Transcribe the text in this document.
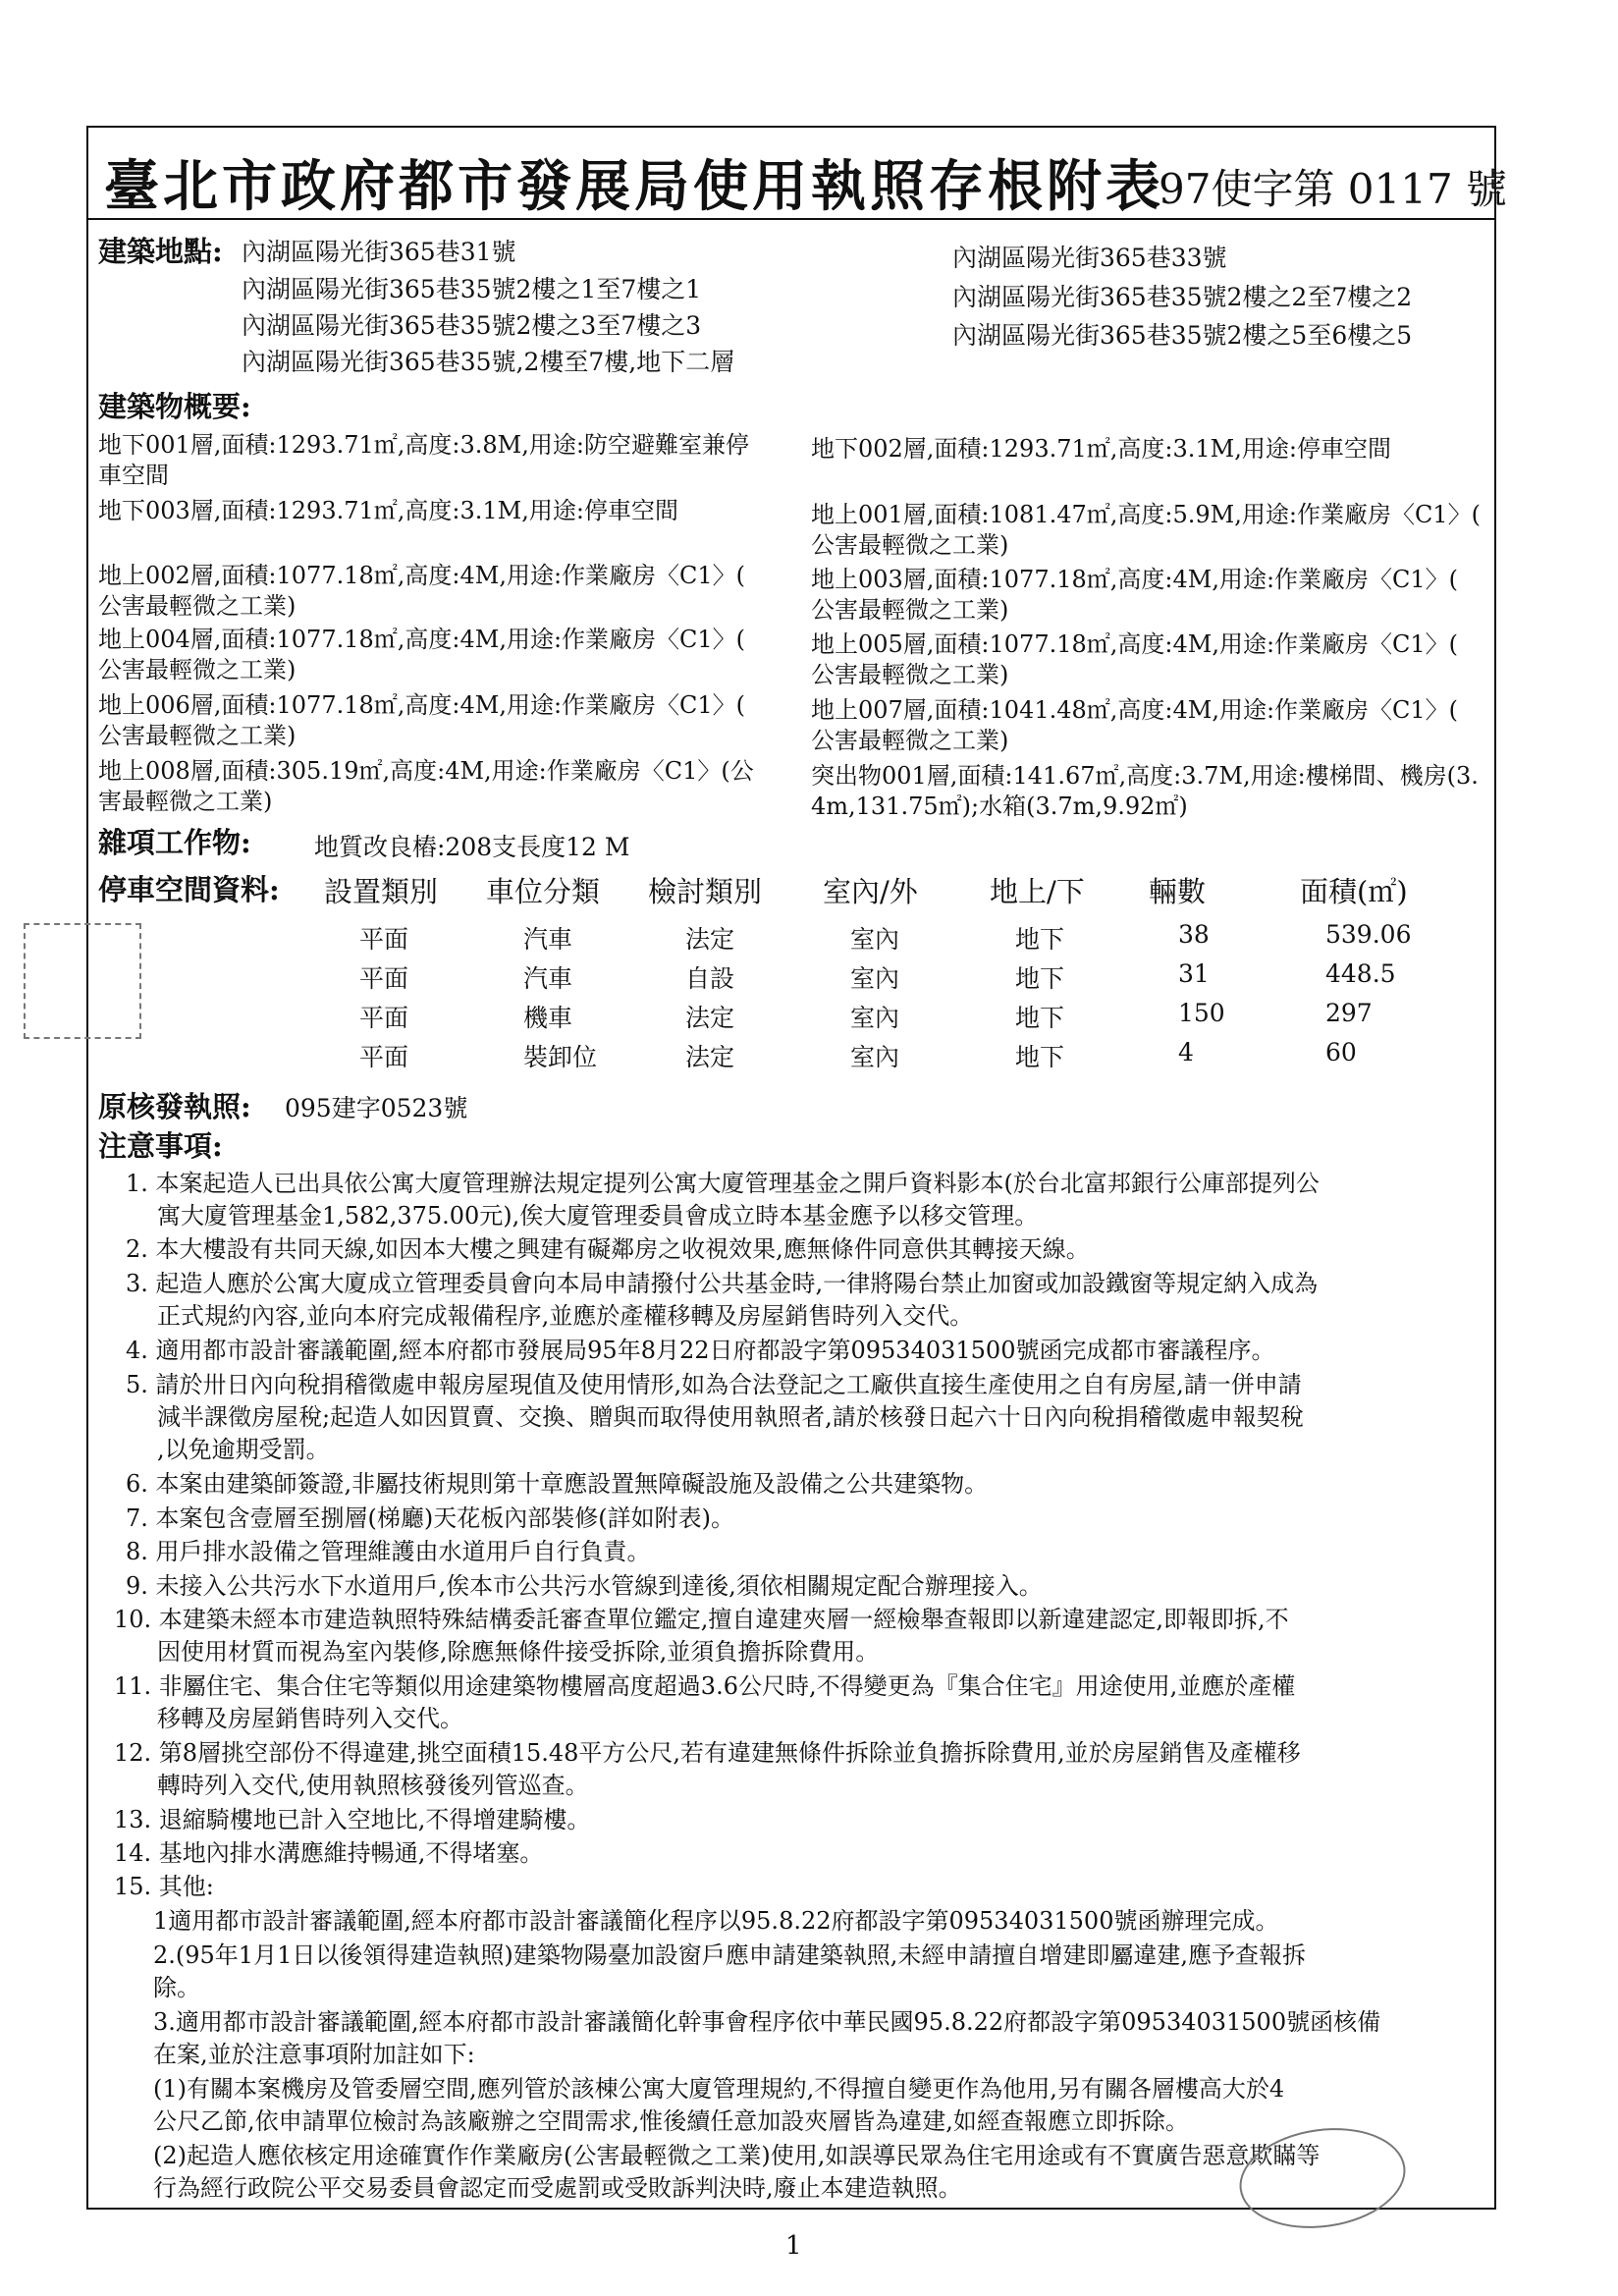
臺北市政府都市發展局使用執照存根附表
97使字第 0117 號
建築地點: 內湖區陽光街365巷31號
內湖區陽光街365巷35號2樓之1至7樓之1
內湖區陽光街365巷35號2樓之3至7樓之3
內湖區陽光街365巷35號,2樓至7樓,地下二層
內湖區陽光街365巷33號
內湖區陽光街365巷35號2樓之2至7樓之2
內湖區陽光街365巷35號2樓之5至6樓之5
建築物概要:
地下001層,面積:1293.71㎡,高度:3.8M,用途:防空避難室兼停
車空間
地下003層,面積:1293.71㎡,高度:3.1M,用途:停車空間
地上002層,面積:1077.18㎡,高度:4M,用途:作業廠房〈C1〉(
公害最輕微之工業)
地上004層,面積:1077.18㎡,高度:4M,用途:作業廠房〈C1〉(
公害最輕微之工業)
地上006層,面積:1077.18㎡,高度:4M,用途:作業廠房〈C1〉(
公害最輕微之工業)
地上008層,面積:305.19㎡,高度:4M,用途:作業廠房〈C1〉(公
害最輕微之工業)
地下002層,面積:1293.71㎡,高度:3.1M,用途:停車空間
地上001層,面積:1081.47㎡,高度:5.9M,用途:作業廠房〈C1〉(
公害最輕微之工業)
地上003層,面積:1077.18㎡,高度:4M,用途:作業廠房〈C1〉(
公害最輕微之工業)
地上005層,面積:1077.18㎡,高度:4M,用途:作業廠房〈C1〉(
公害最輕微之工業)
地上007層,面積:1041.48㎡,高度:4M,用途:作業廠房〈C1〉(
公害最輕微之工業)
突出物001層,面積:141.67㎡,高度:3.7M,用途:樓梯間、機房(3.
4m,131.75㎡);水箱(3.7m,9.92㎡)
雜項工作物:	地質改良樁:208支長度12 M
停車空間資料: 設置類別 車位分類 檢討類別 室內/外	地上/下 輛數	面積(㎡)
平面	汽車	法定	室內	地下	38	539.06
平面	汽車	自設	室內	地下	31	448.5
平面	機車	法定	室內	地下	150	297
平面	裝卸位	法定	室內	地下	4	60
原核發執照: 095建字0523號
注意事項:
1. 本案起造人已出具依公寓大廈管理辦法規定提列公寓大廈管理基金之開戶資料影本(於台北富邦銀行公庫部提列公
寓大廈管理基金1,582,375.00元),俟大廈管理委員會成立時本基金應予以移交管理。
2. 本大樓設有共同天線,如因本大樓之興建有礙鄰房之收視效果,應無條件同意供其轉接天線。
3. 起造人應於公寓大廈成立管理委員會向本局申請撥付公共基金時,一律將陽台禁止加窗或加設鐵窗等規定納入成為
正式規約內容,並向本府完成報備程序,並應於產權移轉及房屋銷售時列入交代。
4. 適用都市設計審議範圍,經本府都市發展局95年8月22日府都設字第09534031500號函完成都市審議程序。
5. 請於卅日內向稅捐稽徵處申報房屋現值及使用情形,如為合法登記之工廠供直接生產使用之自有房屋,請一併申請
減半課徵房屋稅;起造人如因買賣、交換、贈與而取得使用執照者,請於核發日起六十日內向稅捐稽徵處申報契稅
,以免逾期受罰。
6. 本案由建築師簽證,非屬技術規則第十章應設置無障礙設施及設備之公共建築物。
7. 本案包含壹層至捌層(梯廳)天花板內部裝修(詳如附表)。
8. 用戶排水設備之管理維護由水道用戶自行負責。
9. 未接入公共污水下水道用戶,俟本市公共污水管線到達後,須依相關規定配合辦理接入。
10. 本建築未經本市建造執照特殊結構委託審查單位鑑定,擅自違建夾層一經檢舉查報即以新違建認定,即報即拆,不
因使用材質而視為室內裝修,除應無條件接受拆除,並須負擔拆除費用。
11. 非屬住宅、集合住宅等類似用途建築物樓層高度超過3.6公尺時,不得變更為『集合住宅』用途使用,並應於產權
移轉及房屋銷售時列入交代。
12. 第8層挑空部份不得違建,挑空面積15.48平方公尺,若有違建無條件拆除並負擔拆除費用,並於房屋銷售及產權移
轉時列入交代,使用執照核發後列管巡查。
13. 退縮騎樓地已計入空地比,不得增建騎樓。
14. 基地內排水溝應維持暢通,不得堵塞。
15. 其他:
1適用都市設計審議範圍,經本府都市設計審議簡化程序以95.8.22府都設字第09534031500號函辦理完成。
2.(95年1月1日以後領得建造執照)建築物陽臺加設窗戶應申請建築執照,未經申請擅自增建即屬違建,應予查報拆
除。
3.適用都市設計審議範圍,經本府都市設計審議簡化幹事會程序依中華民國95.8.22府都設字第09534031500號函核備
在案,並於注意事項附加註如下:
(1)有關本案機房及管委層空間,應列管於該棟公寓大廈管理規約,不得擅自變更作為他用,另有關各層樓高大於4
公尺乙節,依申請單位檢討為該廠辦之空間需求,惟後續任意加設夾層皆為違建,如經查報應立即拆除。
(2)起造人應依核定用途確實作作業廠房(公害最輕微之工業)使用,如誤導民眾為住宅用途或有不實廣告惡意欺瞞等
行為經行政院公平交易委員會認定而受處罰或受敗訴判決時,廢止本建造執照。
1
